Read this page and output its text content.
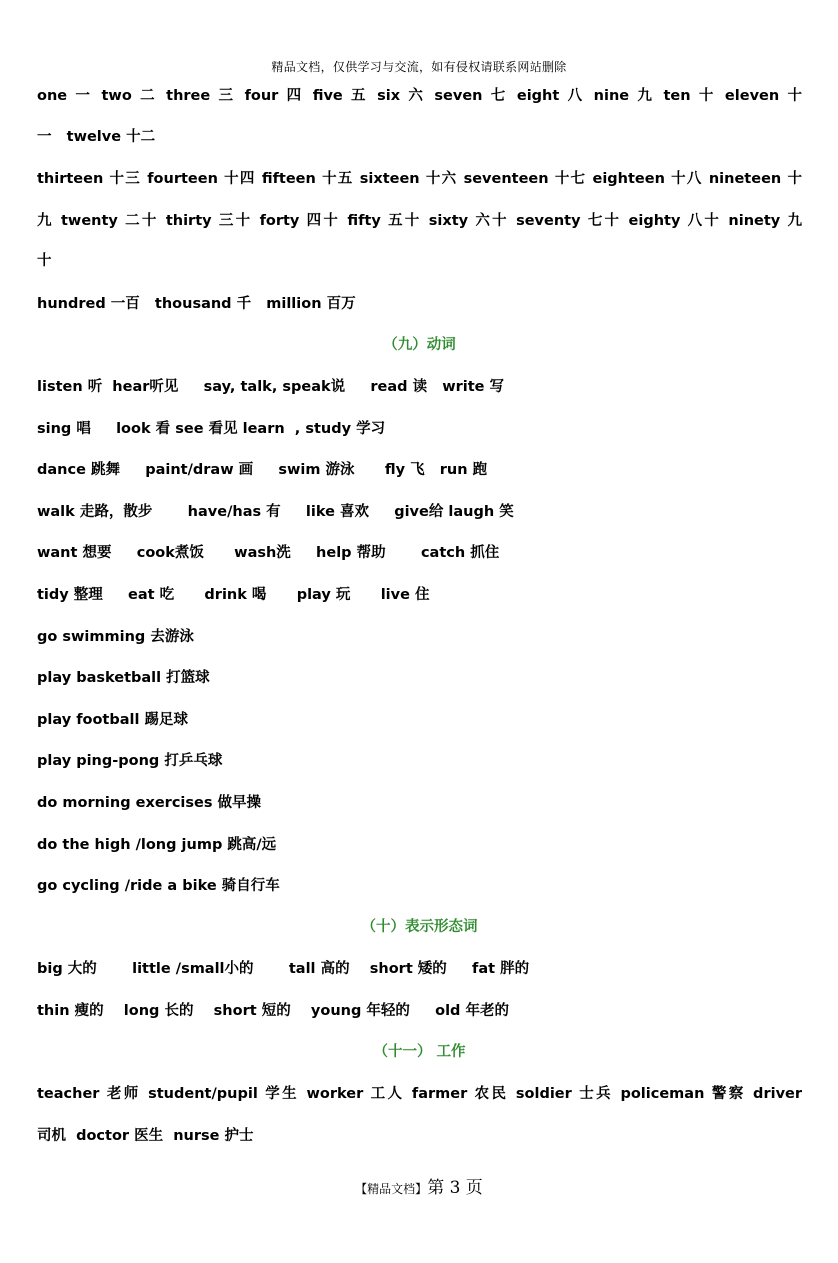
精品文档，仅供学习与交流，如有侵权请联系网站删除
one 一 two 二 three 三 four 四 five 五 six 六 seven 七 eight 八 nine 九 ten 十 eleven 十
一   twelve 十二
thirteen 十三 fourteen 十四 fifteen 十五 sixteen 十六 seventeen 十七 eighteen 十八 nineteen 十
九 twenty 二十 thirty 三十 forty 四十 fifty 五十 sixty 六十 seventy 七十 eighty 八十 ninety 九
十
hundred 一百   thousand 千   million 百万
（九）动词
listen 听  hear听见     say, talk, speak说     read 读   write 写
sing 唱     look 看 see 看见 learn  , study 学习
dance 跳舞     paint/draw 画     swim 游泳      fly 飞   run 跑
walk 走路，散步       have/has 有     like 喜欢     give给 laugh 笑
want 想要     cook煮饭      wash洗     help 帮助       catch 抓住
tidy 整理     eat 吃      drink 喝      play 玩      live 住
go swimming 去游泳
play basketball 打篮球
play football 踢足球
play ping-pong 打乒乓球
do morning exercises 做早操
do the high /long jump 跳高/远
go cycling /ride a bike 骑自行车
（十）表示形态词
big 大的       little /small小的       tall 高的    short 矮的     fat 胖的
thin 瘦的    long 长的    short 短的    young 年轻的     old 年老的
（十一） 工作
teacher 老师 student/pupil 学生 worker 工人 farmer 农民 soldier 士兵 policeman 警察 driver
司机  doctor 医生  nurse 护士
【精品文档】第 3 页
